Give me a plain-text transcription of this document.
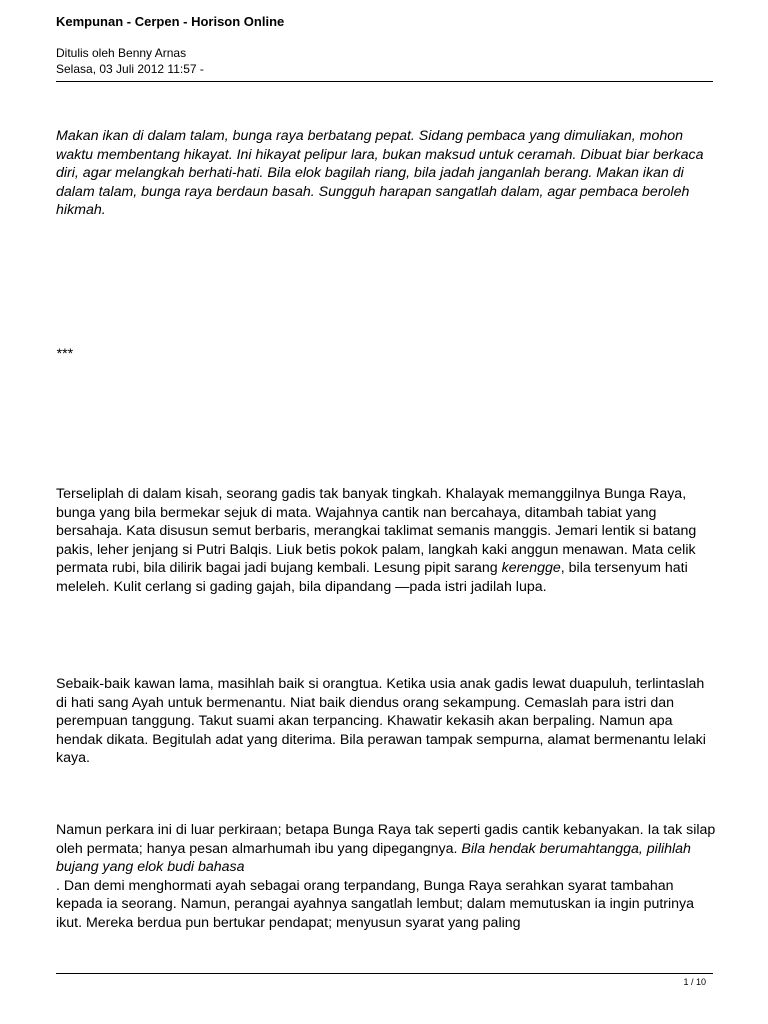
Kempunan - Cerpen - Horison Online
Ditulis oleh Benny Arnas
Selasa, 03 Juli 2012 11:57 -

Makan ikan di dalam talam, bunga raya berbatang pepat. Sidang pembaca yang dimuliakan, mohon waktu membentang hikayat. Ini hikayat pelipur lara, bukan maksud untuk ceramah. Dibuat biar berkaca diri, agar melangkah berhati-hati. Bila elok bagilah riang, bila jadah janganlah berang. Makan ikan di dalam talam, bunga raya berdaun basah. Sungguh harapan sangatlah dalam, agar pembaca beroleh hikmah.

***

Terseliplah di dalam kisah, seorang gadis tak banyak tingkah. Khalayak memanggilnya Bunga Raya, bunga yang bila bermekar sejuk di mata. Wajahnya cantik nan bercahaya, ditambah tabiat yang bersahaja. Kata disusun semut berbaris, merangkai taklimat semanis manggis. Jemari lentik si batang pakis, leher jenjang si Putri Balqis. Liuk betis pokok palam, langkah kaki anggun menawan. Mata celik permata rubi, bila dilirik bagai jadi bujang kembali. Lesung pipit sarang kerengge, bila tersenyum hati meleleh. Kulit cerlang si gading gajah, bila dipandang —pada istri jadilah lupa.

Sebaik-baik kawan lama, masihlah baik si orangtua. Ketika usia anak gadis lewat duapuluh, terlintaslah di hati sang Ayah untuk bermenantu. Niat baik diendus orang sekampung. Cemaslah para istri dan perempuan tanggung. Takut suami akan terpancing. Khawatir kekasih akan berpaling. Namun apa hendak dikata. Begitulah adat yang diterima. Bila perawan tampak sempurna, alamat bermenantu lelaki kaya.

Namun perkara ini di luar perkiraan; betapa Bunga Raya tak seperti gadis cantik kebanyakan. Ia tak silap oleh permata; hanya pesan almarhumah ibu yang dipegangnya. Bila hendak berumahtangga, pilihlah bujang yang elok budi bahasa
. Dan demi menghormati ayah sebagai orang terpandang, Bunga Raya serahkan syarat tambahan kepada ia seorang. Namun, perangai ayahnya sangatlah lembut; dalam memutuskan ia ingin putrinya ikut. Mereka berdua pun bertukar pendapat; menyusun syarat yang paling

1 / 10
